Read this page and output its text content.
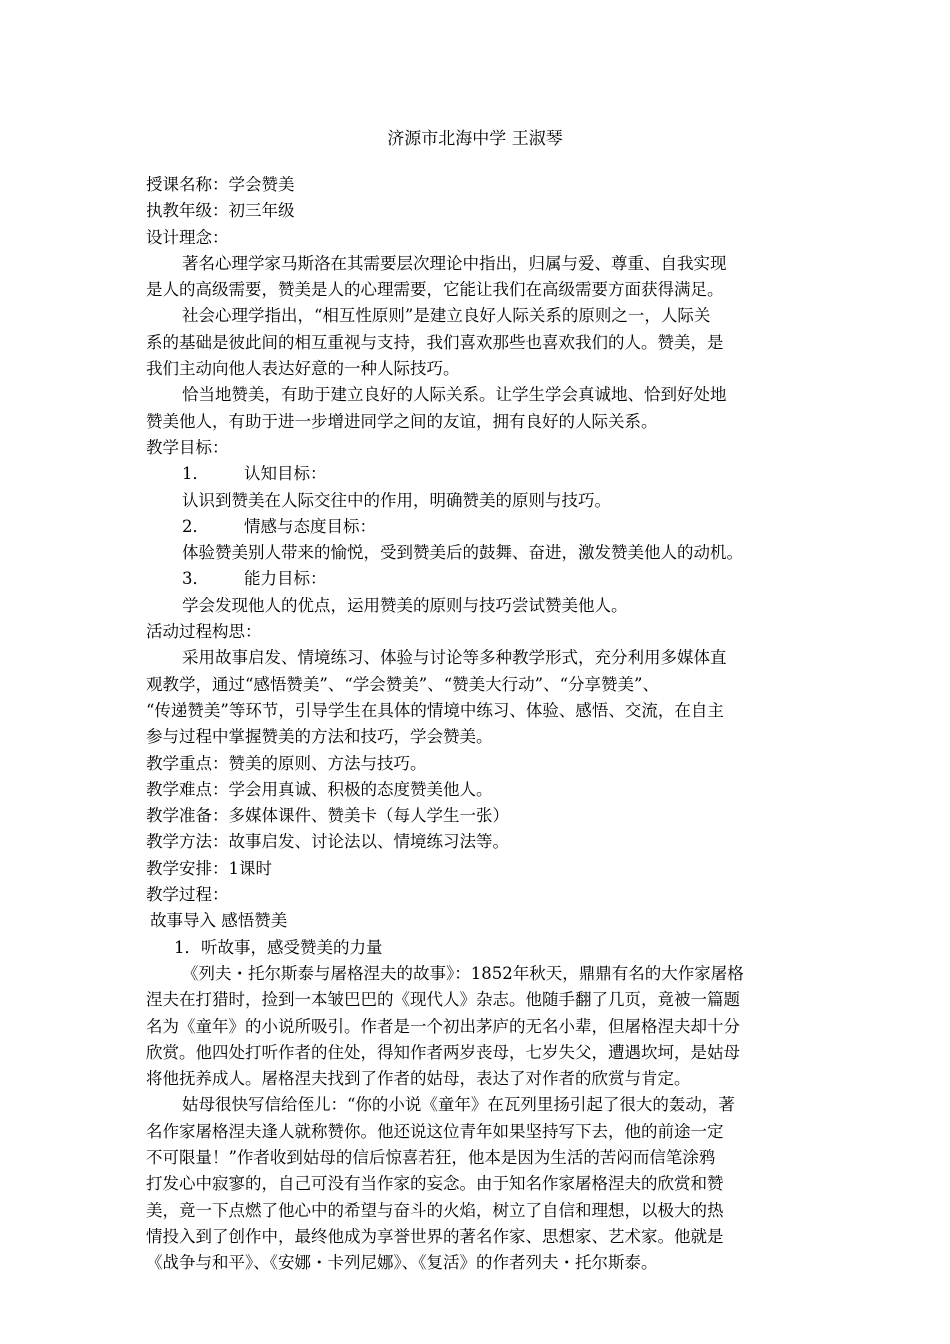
济源市北海中学 王淑琴
授课名称：学会赞美
执教年级：初三年级
设计理念：
著名心理学家马斯洛在其需要层次理论中指出，归属与爱、尊重、自我实现
是人的高级需要，赞美是人的心理需要，它能让我们在高级需要方面获得满足。
社会心理学指出，“相互性原则”是建立良好人际关系的原则之一，人际关
系的基础是彼此间的相互重视与支持，我们喜欢那些也喜欢我们的人。赞美，是
我们主动向他人表达好意的一种人际技巧。
恰当地赞美，有助于建立良好的人际关系。让学生学会真诚地、恰到好处地
赞美他人，有助于进一步增进同学之间的友谊，拥有良好的人际关系。
教学目标：
1． 认知目标：
认识到赞美在人际交往中的作用，明确赞美的原则与技巧。
2． 情感与态度目标：
体验赞美别人带来的愉悦，受到赞美后的鼓舞、奋进，激发赞美他人的动机。
3． 能力目标：
学会发现他人的优点，运用赞美的原则与技巧尝试赞美他人。
活动过程构思：
采用故事启发、情境练习、体验与讨论等多种教学形式，充分利用多媒体直
观教学，通过“感悟赞美”、“学会赞美”、“赞美大行动”、“分享赞美”、
“传递赞美”等环节，引导学生在具体的情境中练习、体验、感悟、交流，在自主
参与过程中掌握赞美的方法和技巧，学会赞美。
教学重点：赞美的原则、方法与技巧。
教学难点：学会用真诚、积极的态度赞美他人。
教学准备：多媒体课件、赞美卡（每人学生一张）
教学方法：故事启发、讨论法以、情境练习法等。
教学安排：1课时
教学过程：
故事导入 感悟赞美
1．听故事，感受赞美的力量
《列夫・托尔斯泰与屠格涅夫的故事》：1852年秋天，鼎鼎有名的大作家屠格
涅夫在打猎时，捡到一本皱巴巴的《现代人》杂志。他随手翻了几页，竟被一篇题
名为《童年》的小说所吸引。作者是一个初出茅庐的无名小辈，但屠格涅夫却十分
欣赏。他四处打听作者的住处，得知作者两岁丧母，七岁失父，遭遇坎坷，是姑母
将他抚养成人。屠格涅夫找到了作者的姑母，表达了对作者的欣赏与肯定。
姑母很快写信给侄儿：“你的小说《童年》在瓦列里扬引起了很大的轰动，著
名作家屠格涅夫逢人就称赞你。他还说这位青年如果坚持写下去，他的前途一定
不可限量！”作者收到姑母的信后惊喜若狂，他本是因为生活的苦闷而信笔涂鸦
打发心中寂寥的，自己可没有当作家的妄念。由于知名作家屠格涅夫的欣赏和赞
美，竟一下点燃了他心中的希望与奋斗的火焰，树立了自信和理想，以极大的热
情投入到了创作中，最终他成为享誉世界的著名作家、思想家、艺术家。他就是
《战争与和平》、《安娜・卡列尼娜》、《复活》的作者列夫・托尔斯泰。
